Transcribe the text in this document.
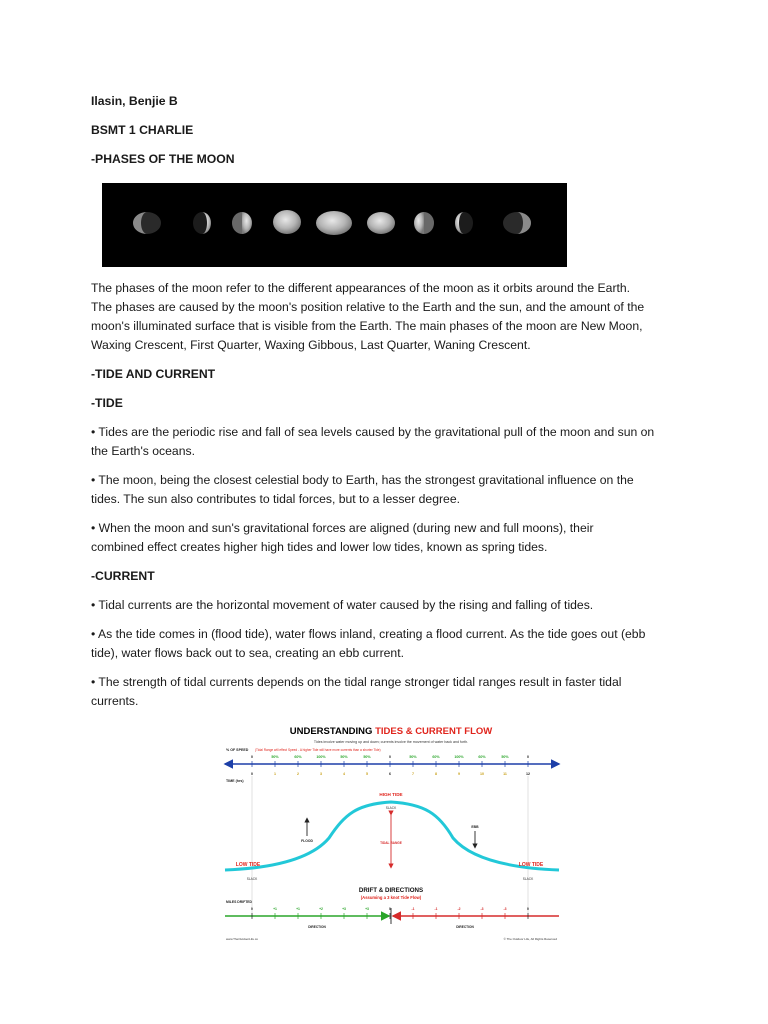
Ilasin, Benjie B

BSMT 1 CHARLIE

-PHASES OF THE MOON

The phases of the moon refer to the different appearances of the moon as it orbits around the Earth.

The phases are caused by the moon's position relative to the Earth and the sun, and the amount of the

moon's illuminated surface that is visible from the Earth. The main phases of the moon are New Moon,

Waxing Crescent, First Quarter, Waxing Gibbous, Last Quarter, Waning Crescent.

-TIDE AND CURRENT

-TIDE

• Tides are the periodic rise and fall of sea levels caused by the gravitational pull of the moon and sun on

the Earth's oceans.

• The moon, being the closest celestial body to Earth, has the strongest gravitational influence on the

tides. The sun also contributes to tidal forces, but to a lesser degree.

• When the moon and sun's gravitational forces are aligned (during new and full moons), their

combined effect creates higher high tides and lower low tides, known as spring tides.

-CURRENT

• Tidal currents are the horizontal movement of water caused by the rising and falling of tides.

• As the tide comes in (flood tide), water flows inland, creating a flood current. As the tide goes out (ebb

tide), water flows back out to sea, creating an ebb current.

• The strength of tidal currents depends on the tidal range stronger tidal ranges result in faster tidal

currents.

UNDERSTANDING TIDES & CURRENT FLOW
Tides involve water moving up and down; currents involve the movement of water back and forth.
% OF SPEED (Tidal Range will effect Speed - A higher Tide will have more currents than a shorter Tide)
0	50%	60%	100%	50%	50%	0	50%	60%	100%	60%	50%	0
0	1	2	3	4	5	6	7	8	9	10	11	12
TIME (hrs)
HIGH TIDE
SLACK
TIDAL RANGE
FLOOD
EBB
LOW TIDE	LOW TIDE
SLACK	SLACK
DRIFT & DIRECTIONS
(Assuming a 3 knot Tide Flow)
MILES DRIFTED
0	+1	+1	+2	+3	+3	0	-1	-1	-2	-3	-3	0
DIRECTION	DIRECTION
www.TheOutdoorLife.co	© The Outdoor Life, All Rights Reserved
